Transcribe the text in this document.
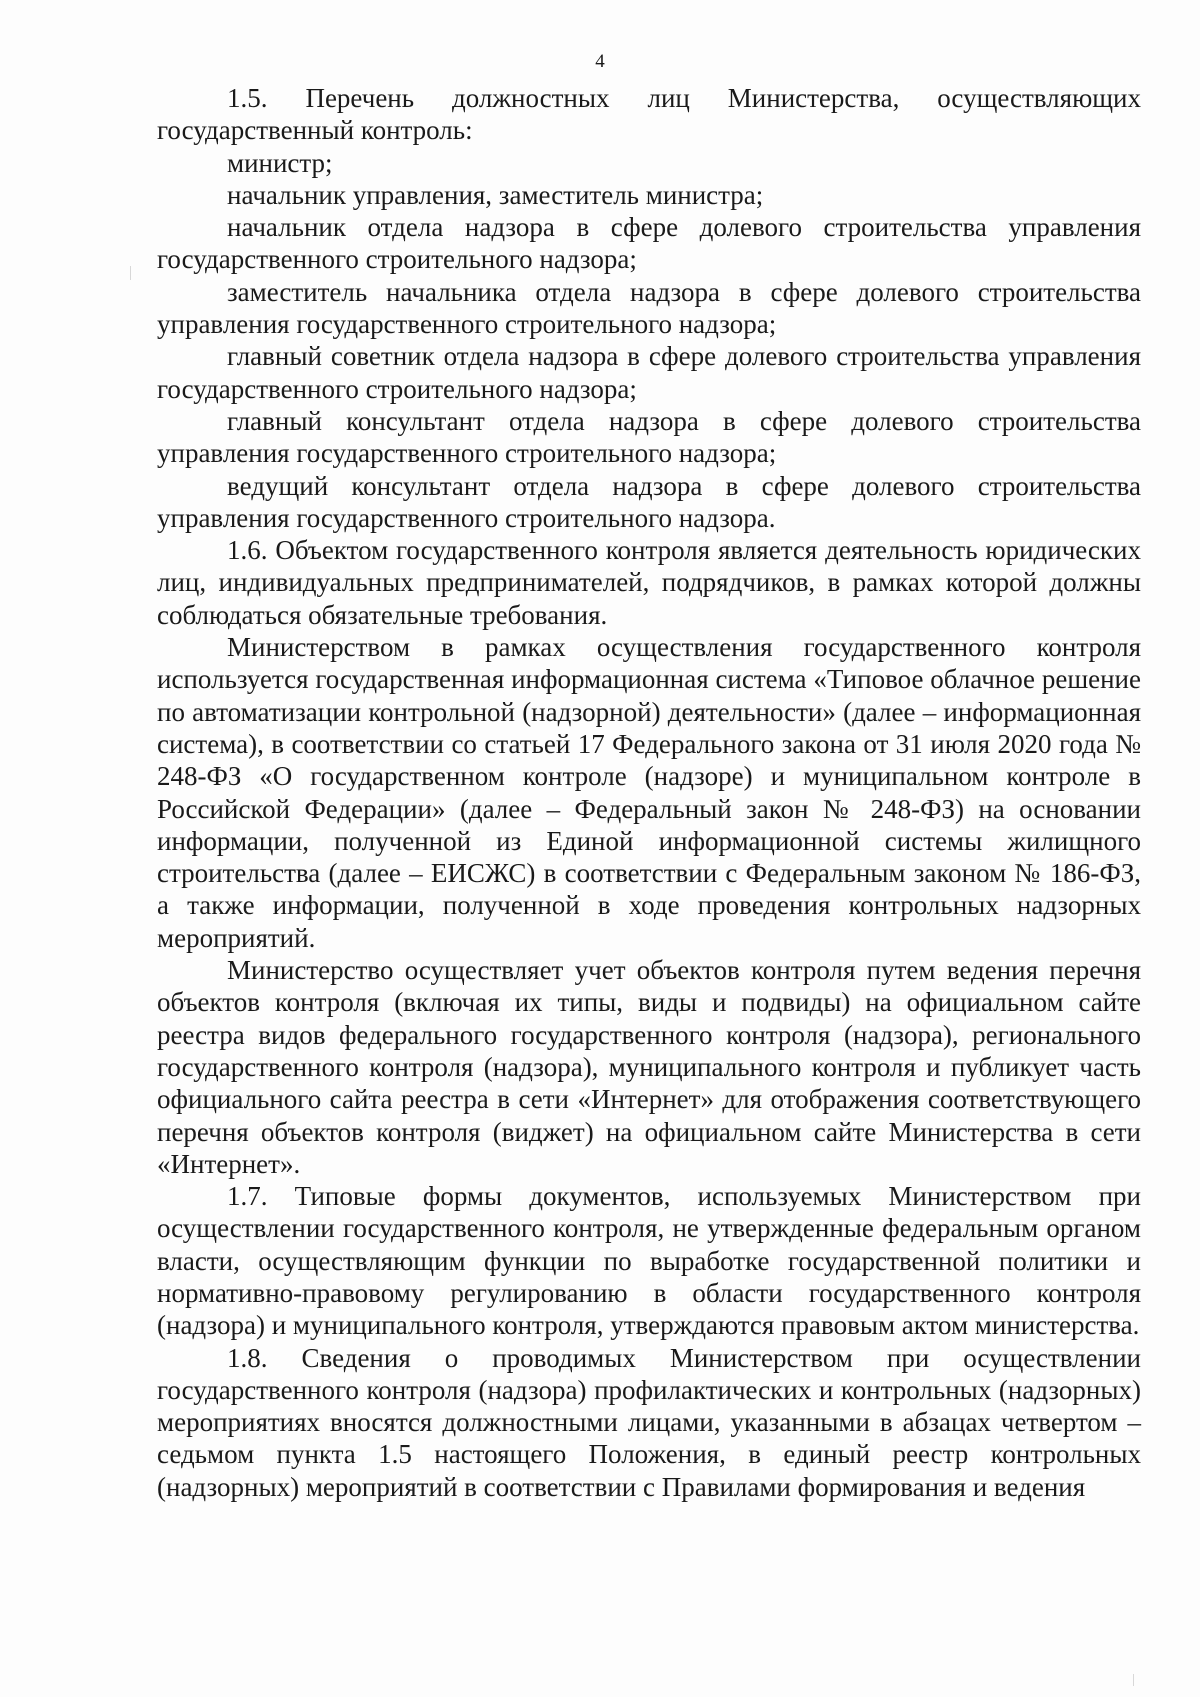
4

1.5. Перечень должностных лиц Министерства, осуществляющих государственный контроль:

министр;

начальник управления, заместитель министра;

начальник отдела надзора в сфере долевого строительства управления государственного строительного надзора;

заместитель начальника отдела надзора в сфере долевого строительства управления государственного строительного надзора;

главный советник отдела надзора в сфере долевого строительства управления государственного строительного надзора;

главный консультант отдела надзора в сфере долевого строительства управления государственного строительного надзора;

ведущий консультант отдела надзора в сфере долевого строительства управления государственного строительного надзора.

1.6. Объектом государственного контроля является деятельность юридических лиц, индивидуальных предпринимателей, подрядчиков, в рамках которой должны соблюдаться обязательные требования.

Министерством в рамках осуществления государственного контроля используется государственная информационная система «Типовое облачное решение по автоматизации контрольной (надзорной) деятельности» (далее – информационная система), в соответствии со статьей 17 Федерального закона от 31 июля 2020 года № 248-ФЗ «О государственном контроле (надзоре) и муниципальном контроле в Российской Федерации» (далее – Федеральный закон № 248-ФЗ) на основании информации, полученной из Единой информационной системы жилищного строительства (далее – ЕИСЖС) в соответствии с Федеральным законом № 186-ФЗ, а также информации, полученной в ходе проведения контрольных надзорных мероприятий.

Министерство осуществляет учет объектов контроля путем ведения перечня объектов контроля (включая их типы, виды и подвиды) на официальном сайте реестра видов федерального государственного контроля (надзора), регионального государственного контроля (надзора), муниципального контроля и публикует часть официального сайта реестра в сети «Интернет» для отображения соответствующего перечня объектов контроля (виджет) на официальном сайте Министерства в сети «Интернет».

1.7. Типовые формы документов, используемых Министерством при осуществлении государственного контроля, не утвержденные федеральным органом власти, осуществляющим функции по выработке государственной политики и нормативно-правовому регулированию в области государственного контроля (надзора) и муниципального контроля, утверждаются правовым актом министерства.

1.8. Сведения о проводимых Министерством при осуществлении государственного контроля (надзора) профилактических и контрольных (надзорных) мероприятиях вносятся должностными лицами, указанными в абзацах четвертом – седьмом пункта 1.5 настоящего Положения, в единый реестр контрольных (надзорных) мероприятий в соответствии с Правилами формирования и ведения
